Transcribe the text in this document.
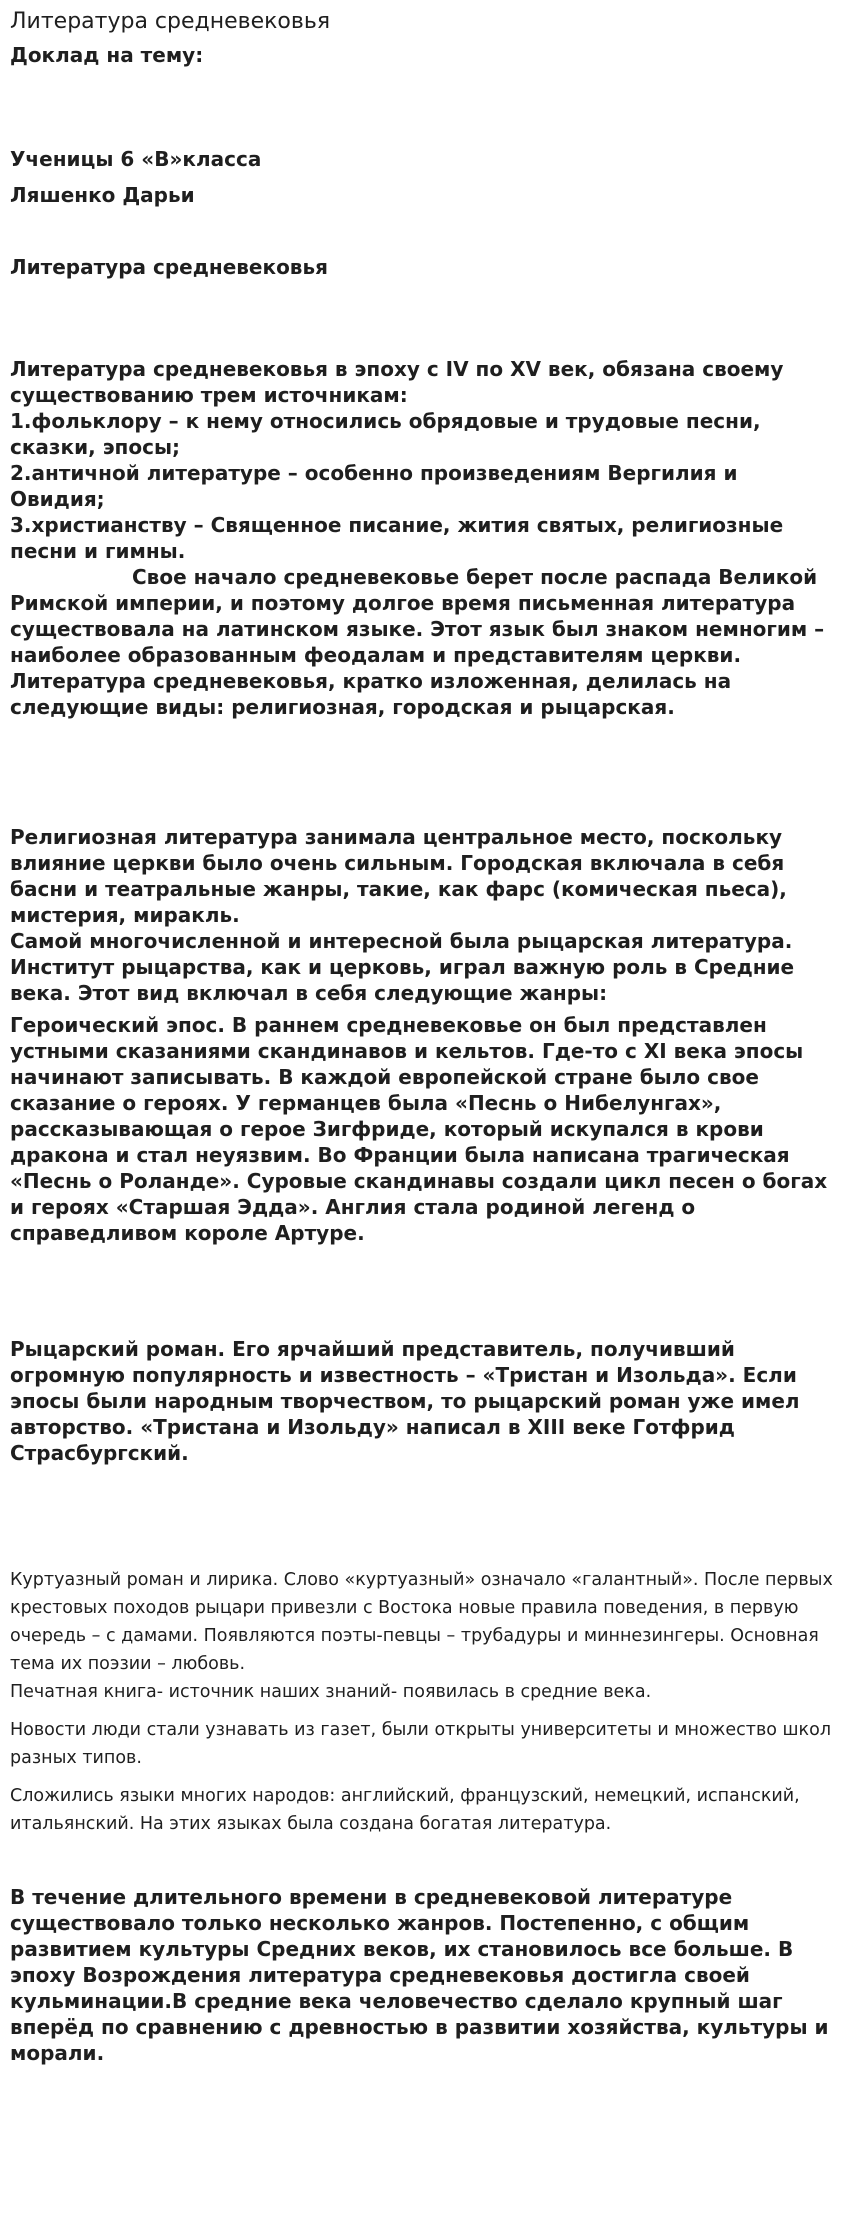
Литература средневековья

Доклад на тему:

Ученицы 6 «В»класса

Ляшенко Дарьи

Литература средневековья

Литература средневековья в эпоху с IV по XV век, обязана своему существованию трем источникам:

1.фольклору – к нему относились обрядовые и трудовые песни, сказки, эпосы;

2.античной литературе – особенно произведениям Вергилия и Овидия;

3.христианству – Священное писание, жития святых, религиозные песни и гимны.

Свое начало средневековье берет после распада Великой Римской империи, и поэтому долгое время письменная литература существовала на латинском языке. Этот язык был знаком немногим – наиболее образованным феодалам и представителям церкви.

Литература средневековья, кратко изложенная, делилась на следующие виды: религиозная, городская и рыцарская.

Религиозная литература занимала центральное место, поскольку влияние церкви было очень сильным. Городская включала в себя басни и театральные жанры, такие, как фарс (комическая пьеса), мистерия, миракль.

Самой многочисленной и интересной была рыцарская литература. Институт рыцарства, как и церковь, играл важную роль в Средние века. Этот вид включал в себя следующие жанры:

Героический эпос. В раннем средневековье он был представлен устными сказаниями скандинавов и кельтов. Где-то с XI века эпосы начинают записывать. В каждой европейской стране было свое сказание о героях. У германцев была «Песнь о Нибелунгах», рассказывающая о герое Зигфриде, который искупался в крови дракона и стал неуязвим. Во Франции была написана трагическая «Песнь о Роланде». Суровые скандинавы создали цикл песен о богах и героях «Старшая Эдда». Англия стала родиной легенд о справедливом короле Артуре.

Рыцарский роман. Его ярчайший представитель, получивший огромную популярность и известность – «Тристан и Изольда». Если эпосы были народным творчеством, то рыцарский роман уже имел авторство. «Тристана и Изольду» написал в XIII веке Готфрид Страсбургский.

Куртуазный роман и лирика. Слово «куртуазный» означало «галантный». После первых крестовых походов рыцари привезли с Востока новые правила поведения, в первую очередь – с дамами. Появляются поэты-певцы – трубадуры и миннезингеры. Основная тема их поэзии – любовь.

Печатная книга- источник наших знаний- появилась в средние века.

Новости люди стали узнавать из газет, были открыты университеты и множество школ разных типов.

Сложились языки многих народов: английский, французский, немецкий, испанский, итальянский. На этих языках была создана богатая литература.

В течение длительного времени в средневековой литературе существовало только несколько жанров. Постепенно, с общим развитием культуры Средних веков, их становилось все больше. В эпоху Возрождения литература средневековья достигла своей кульминации.В средние века человечество сделало крупный шаг вперёд по сравнению с древностью в развитии хозяйства, культуры и морали.
